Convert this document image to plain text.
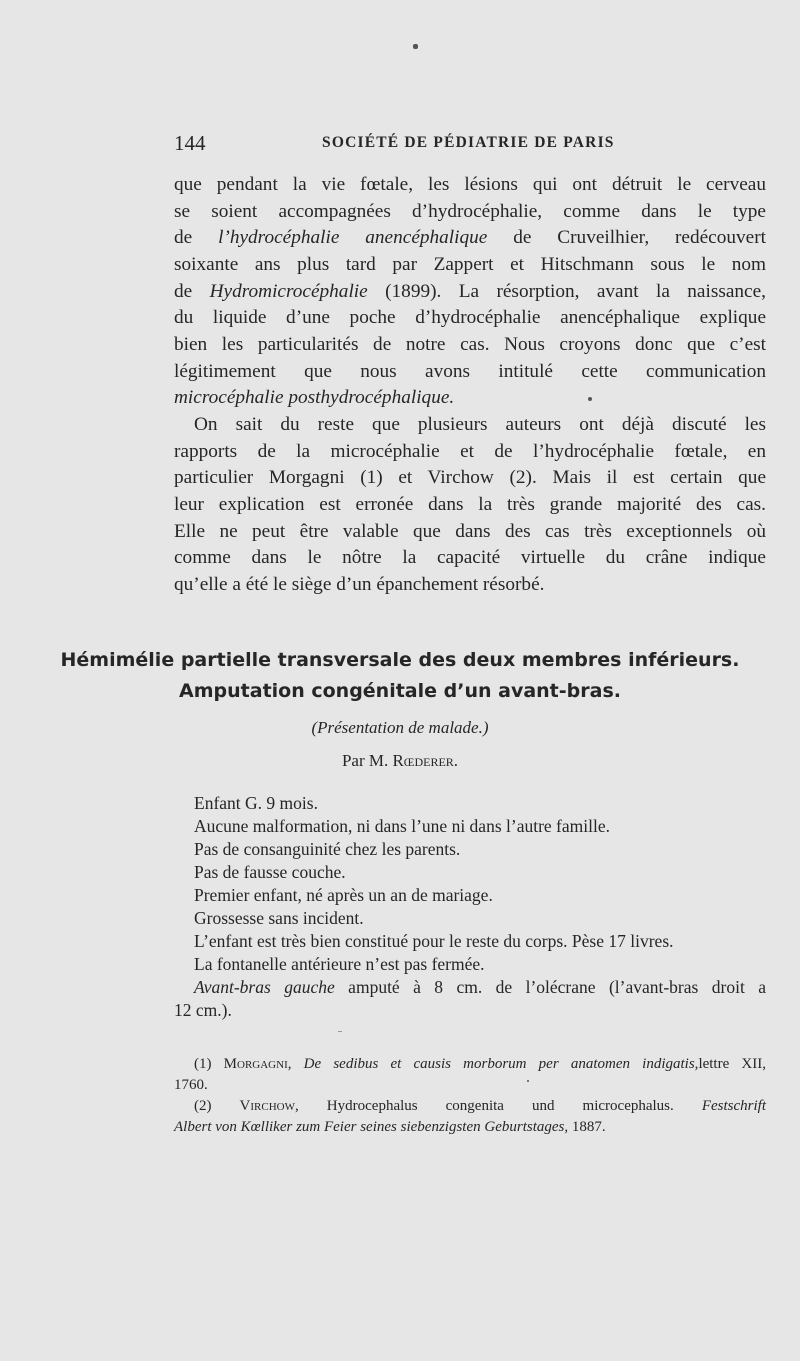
144	SOCIÉTÉ DE PÉDIATRIE DE PARIS
que pendant la vie fœtale, les lésions qui ont détruit le cerveau
se soient accompagnées d’hydrocéphalie, comme dans le type
de l’hydrocéphalie anencéphalique de Cruveilhier, redécouvert
soixante ans plus tard par Zappert et Hitschmann sous le nom
de Hydromicrocéphalie (1899). La résorption, avant la naissance,
du liquide d’une poche d’hydrocéphalie anencéphalique explique
bien les particularités de notre cas. Nous croyons donc que c’est
légitimement que nous avons intitulé cette communication
microcéphalie posthydrocéphalique.
On sait du reste que plusieurs auteurs ont déjà discuté les
rapports de la microcéphalie et de l’hydrocéphalie fœtale, en
particulier Morgagni (1) et Virchow (2). Mais il est certain que
leur explication est erronée dans la très grande majorité des cas.
Elle ne peut être valable que dans des cas très exceptionnels où
comme dans le nôtre la capacité virtuelle du crâne indique
qu’elle a été le siège d’un épanchement résorbé.
Hémimélie partielle transversale des deux membres inférieurs.
Amputation congénitale d’un avant-bras.
(Présentation de malade.)
Par M. Rœderer.
Enfant G. 9 mois.
Aucune malformation, ni dans l’une ni dans l’autre famille.
Pas de consanguinité chez les parents.
Pas de fausse couche.
Premier enfant, né après un an de mariage.
Grossesse sans incident.
L’enfant est très bien constitué pour le reste du corps. Pèse 17 livres.
La fontanelle antérieure n’est pas fermée.
Avant-bras gauche amputé à 8 cm. de l’olécrane (l’avant-bras droit a
12 cm.).
(1) Morgagni, De sedibus et causis morborum per anatomen indigatis,lettre XII,
1760.
(2) Virchow, Hydrocephalus congenita und microcephalus. Festschrift
Albert von Kœlliker zum Feier seines siebenzigsten Geburtstages, 1887.
